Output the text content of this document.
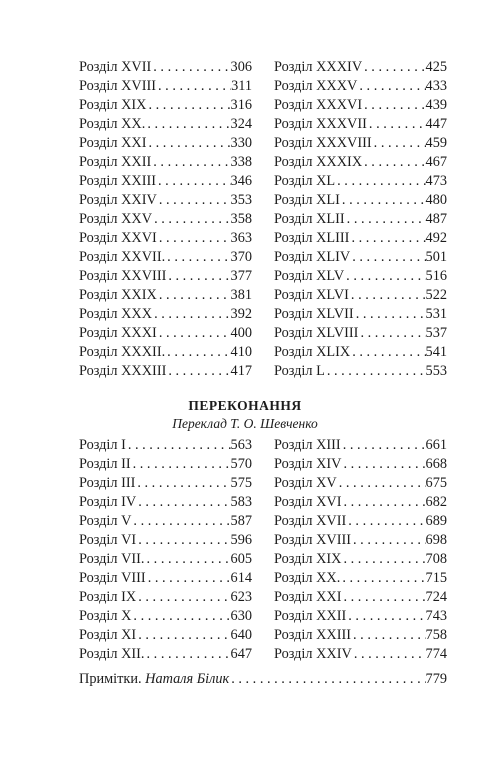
Розділ XVII . . .	306
Розділ XVIII . . .	311
Розділ XIX . . .	316
Розділ XX. . . .	324
Розділ XXI . . .	330
Розділ XXII . . .	338
Розділ XXIII . . .	346
Розділ XXIV . . .	353
Розділ XXV . . .	358
Розділ XXVI . . .	363
Розділ XXVII. . . .	370
Розділ XXVIII . . .	377
Розділ XXIX . . .	381
Розділ XXX . . .	392
Розділ XXXI . . .	400
Розділ XXXII. . . .	410
Розділ XXXIII . . .	417
Розділ XXXIV . . .	425
Розділ XXXV . . .	433
Розділ XXXVI . . .	439
Розділ XXXVII . . .	447
Розділ XXXVIII . . .	459
Розділ XXXIX . . .	467
Розділ XL . . .	473
Розділ XLI . . .	480
Розділ XLII . . .	487
Розділ XLIII . . .	492
Розділ XLIV . . .	501
Розділ XLV . . .	516
Розділ XLVI . . .	522
Розділ XLVII . . .	531
Розділ XLVIII . . .	537
Розділ XLIX . . .	541
Розділ L . . .	553
ПЕРЕКОНАННЯ
Переклад Т. О. Шевченко
Розділ I . . .	563
Розділ II . . .	570
Розділ III . . .	575
Розділ IV . . .	583
Розділ V . . .	587
Розділ VI . . .	596
Розділ VII. . . .	605
Розділ VIII . . .	614
Розділ IX . . .	623
Розділ X . . .	630
Розділ XI . . .	640
Розділ XII. . . .	647
Розділ XIII . . .	661
Розділ XIV . . .	668
Розділ XV . . .	675
Розділ XVI . . .	682
Розділ XVII . . .	689
Розділ XVIII . . .	698
Розділ XIX . . .	708
Розділ XX. . . .	715
Розділ XXI . . .	724
Розділ XXII . . .	743
Розділ XXIII . . .	758
Розділ XXIV . . .	774
Примітки. Наталя Білик . . .	779
